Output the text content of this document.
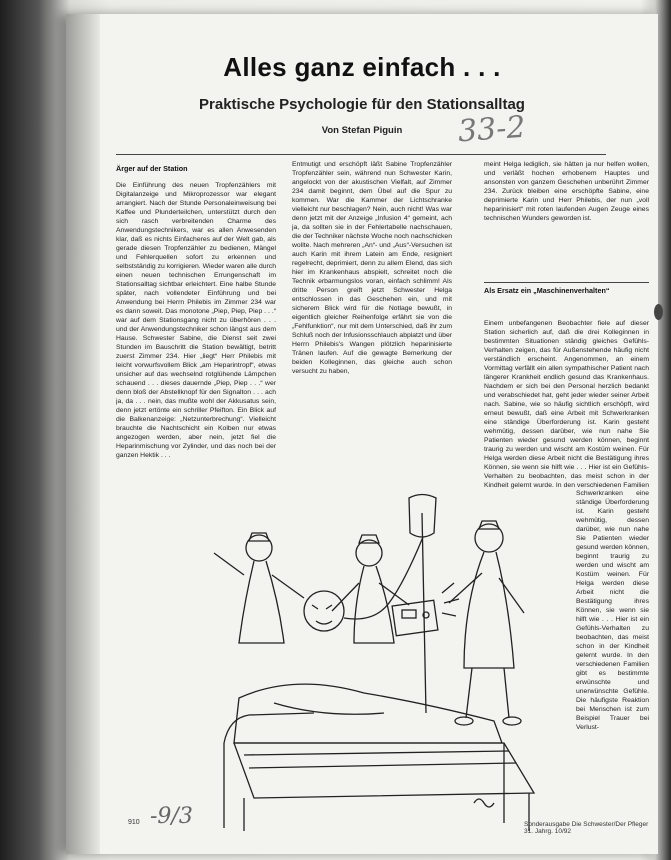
Alles ganz einfach . . .
Praktische Psychologie für den Stationsalltag
Von Stefan Piguin	33-2
Ärger auf der Station

Die Einführung des neuen Tropfenzählers mit Digitalanzeige und Mikroprozessor war elegant arrangiert. Nach der Stunde Personaleinweisung bei Kaffee und Plunderteilchen, unterstützt durch den sich rasch verbreitenden Charme des Anwendungstechnikers, war es allen Anwesenden klar, daß es nichts Einfacheres auf der Welt gab, als gerade diesen Tropfenzähler zu bedienen, Mängel und Fehlerquellen sofort zu erkennen und selbstständig zu korrigieren. Wieder waren alle durch einen neuen technischen Errungenschaft im Stationsalltag sichtbar erleichtert. Eine halbe Stunde später, nach vollendeter Einführung und bei Anwendung bei Herrn Philebis im Zimmer 234 war es dann soweit. Das monotone „Piep, Piep, Piep . . .“ war auf dem Stationsgang nicht zu überhören . . . und der Anwendungstechniker schon längst aus dem Hause. Schwester Sabine, die Dienst seit zwei Stunden im Bauschritt die Station bewältigt, betritt zuerst Zimmer 234. Hier „liegt“ Herr Philebis mit leicht vorwurfsvollem Blick „am Heparintropf“, etwas unsicher auf das wechselnd rotglühende Lämpchen schauend . . . dieses dauernde „Piep, Piep . . .“ wer denn bloß der Abstellknopf für den Signalton . . . ach ja, da . . . nein, das mußte wohl der Akkusatus sein, denn jetzt ertönte ein schriller Pfeifton. Ein Blick auf die Balkenanzeige: „Netzunterbrechung“. Vielleicht brauchte die Nachtschicht ein Kolben nur etwas angezogen werden, aber nein, jetzt fiel die Heparinmischung vor Zylinder, und das noch bei der ganzen Hektik . . .

Entmutigt und erschöpft läßt Sabine Tropfenzähler Tropfenzähler sein, während nun Schwester Karin, angelockt von der akustischen Vielfalt, auf Zimmer 234 damit beginnt, dem Übel auf die Spur zu kommen. War die Kammer der Lichtschranke vielleicht nur beschlagen? Nein, auch nicht! Was war denn jetzt mit der Anzeige „Infusion 4“ gemeint, ach ja, da sollten sie in der Fehlertabelle nachschauen, die der Techniker nächste Woche noch nachschicken wollte. Nach mehreren „An“- und „Aus“-Versuchen ist auch Karin mit ihrem Latein am Ende, resigniert regelrecht, deprimiert, denn zu allem Elend, das sich hier im Krankenhaus abspielt, schreitet noch die Technik erbarmungslos voran, einfach schlimm! Als dritte Person greift jetzt Schwester Helga entschlossen in das Geschehen ein, und mit sicherem Blick wird für die Notlage bewußt, in eigentlich gleicher Reihenfolge erfährt sie von die „Fehlfunktion“, nur mit dem Unterschied, daß ihr zum Schluß noch der Infusionsschlauch abplatzt und über Herrn Philebis's Wangen plötzlich heparinisierte Tränen laufen. Auf die gewagte Bemerkung der beiden Kolleginnen, das gleiche auch schon versucht zu haben,

meint Helga lediglich, sie hätten ja nur helfen wollen, und verläßt hochen erhobenem Hauptes und ansonsten von ganzem Geschehen unberührt Zimmer 234. Zurück bleiben eine erschöpfte Sabine, eine deprimierte Karin und Herr Philebis, der nun „voll heparinisiert“ mit roten laufenden Augen Zeuge eines technischen Wunders geworden ist.

Als Ersatz ein „Maschinenverhalten“

Einem unbefangenen Beobachter fiele auf dieser Station sicherlich auf, daß die drei Kolleginnen in bestimmten Situationen ständig gleiches Gefühls-Verhalten zeigen, das für Außenstehende häufig nicht verständlich erscheint. Angenommen, an einem Vormittag verfällt ein allen sympathischer Patient nach längerer Krankheit endlich gesund das Krankenhaus. Nachdem er sich bei den Personal herzlich bedankt und verabschiedet hat, geht jeder wieder seiner Arbeit nach. Sabine, wie so häufig sichtlich erschöpft, wird erneut bewußt, daß eine Arbeit mit Schwerkranken eine ständige Überforderung ist. Karin gesteht wehmütig, dessen darüber, wie nun nahe Sie Patienten wieder gesund werden können, beginnt traurig zu werden und wischt am Kostüm weinen. Für Helga werden diese Arbeit nicht die Bestätigung ihres Können, sie wenn sie hilft wie . . . Hier ist ein Gefühls-Verhalten zu beobachten, das meist schon in der Kindheit gelernt wurde. In den verschiedenen Familien

Schwerkranken eine ständige Überforderung ist. Karin gesteht wehmütig, dessen darüber, wie nun nahe Sie Patienten wieder gesund werden können, beginnt traurig zu werden und wischt am Kostüm weinen. Für Helga werden diese Arbeit nicht die Bestätigung ihres Können, sie wenn sie hilft wie . . . Hier ist ein Gefühls-Verhalten zu beobachten, das meist schon in der Kindheit gelernt wurde. In den verschiedenen Familien gibt es bestimmte erwünschte und unerwünschte Gefühle. Die häufigste Reaktion bei Menschen ist zum Beispiel Trauer bei Verlust-

-9/3
910	Sonderausgabe Die Schwester/Der Pfleger 31. Jahrg. 10/92
